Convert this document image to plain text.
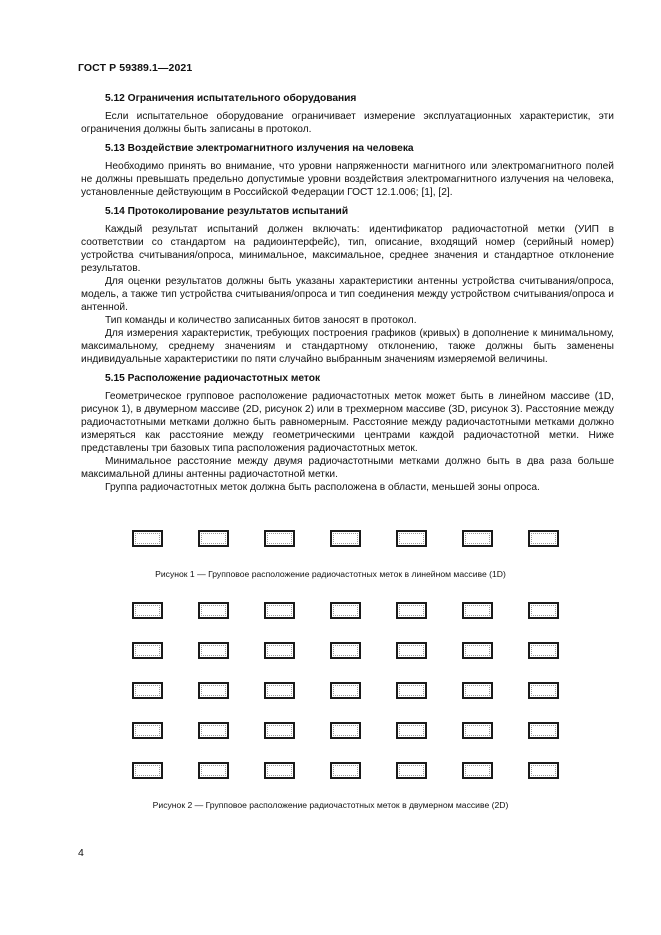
ГОСТ Р 59389.1—2021
5.12 Ограничения испытательного оборудования

Если испытательное оборудование ограничивает измерение эксплуатационных характеристик, эти ограничения должны быть записаны в протокол.

5.13 Воздействие электромагнитного излучения на человека

Необходимо принять во внимание, что уровни напряженности магнитного или электромагнитного полей не должны превышать предельно допустимые уровни воздействия электромагнитного излучения на человека, установленные действующим в Российской Федерации ГОСТ 12.1.006; [1], [2].

5.14 Протоколирование результатов испытаний

Каждый результат испытаний должен включать: идентификатор радиочастотной метки (УИП в соответствии со стандартом на радиоинтерфейс), тип, описание, входящий номер (серийный номер) устройства считывания/опроса, минимальное, максимальное, среднее значения и стандартное отклонение результатов.

Для оценки результатов должны быть указаны характеристики антенны устройства считывания/опроса, модель, а также тип устройства считывания/опроса и тип соединения между устройством считывания/опроса и антенной.

Тип команды и количество записанных битов заносят в протокол.

Для измерения характеристик, требующих построения графиков (кривых) в дополнение к минимальному, максимальному, среднему значениям и стандартному отклонению, также должны быть заменены индивидуальные характеристики по пяти случайно выбранным значениям измеряемой величины.

5.15 Расположение радиочастотных меток

Геометрическое групповое расположение радиочастотных меток может быть в линейном массиве (1D, рисунок 1), в двумерном массиве (2D, рисунок 2) или в трехмерном массиве (3D, рисунок 3). Расстояние между радиочастотными метками должно быть равномерным. Расстояние между радиочастотными метками должно измеряться как расстояние между геометрическими центрами каждой радиочастотной метки. Ниже представлены три базовых типа расположения радиочастотных меток.

Минимальное расстояние между двумя радиочастотными метками должно быть в два раза больше максимальной длины антенны радиочастотной метки.

Группа радиочастотных меток должна быть расположена в области, меньшей зоны опроса.

Рисунок 1 — Групповое расположение радиочастотных меток в линейном массиве (1D)
Рисунок 2 — Групповое расположение радиочастотных меток в двумерном массиве (2D)
4
